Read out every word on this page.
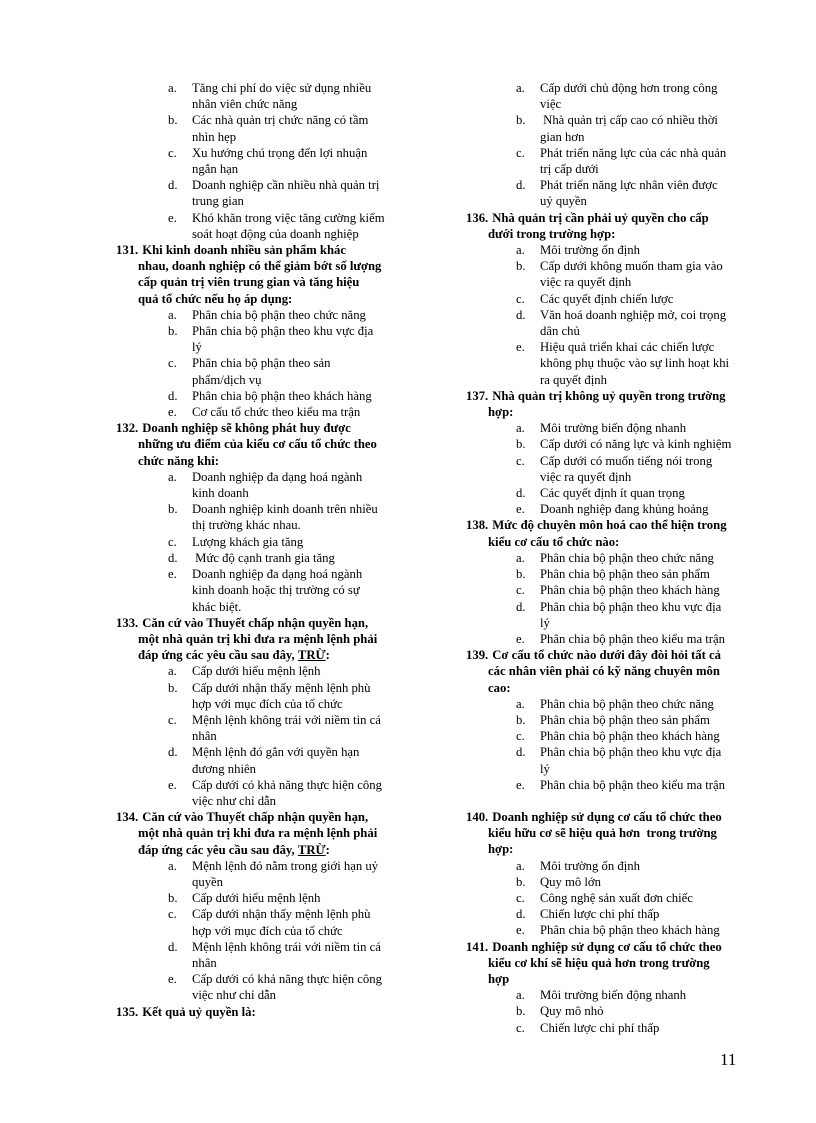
a.	Tăng chi phí do việc sử dụng nhiều
nhân viên chức năng
b.	Các nhà quản trị chức năng có tầm
nhìn hẹp
c.	Xu hướng chú trọng đến lợi nhuận
ngắn hạn
d.	Doanh nghiệp cần nhiều nhà quản trị
trung gian
e.	Khó khăn trong việc tăng cường kiểm
soát hoạt động của doanh nghiệp
131. Khi kinh doanh nhiều sản phẩm khác
nhau, doanh nghiệp có thể giảm bớt số lượng
cấp quản trị viên trung gian và tăng hiệu
quả tổ chức nếu họ áp dụng:
a.	Phân chia bộ phận theo chức năng
b.	Phân chia bộ phận theo khu vực địa
lý
c.	Phân chia bộ phận theo sản
phẩm/dịch vụ
d.	Phân chia bộ phận theo khách hàng
e.	Cơ cấu tổ chức theo kiểu ma trận
132. Doanh nghiệp sẽ không phát huy được
những ưu điểm của kiểu cơ cấu tổ chức theo
chức năng khi:
a.	Doanh nghiệp đa dạng hoá ngành
kinh doanh
b.	Doanh nghiệp kinh doanh trên nhiều
thị trường khác nhau.
c.	Lượng khách gia tăng
d.	Mức độ cạnh tranh gia tăng
e.	Doanh nghiệp đa dạng hoá ngành
kinh doanh hoặc thị trường có sự
khác biệt.
133. Căn cứ vào Thuyết chấp nhận quyền hạn,
một nhà quản trị khi đưa ra mệnh lệnh phải
đáp ứng các yêu cầu sau đây, TRỪ :
a.	Cấp dưới hiểu mệnh lệnh
b.	Cấp dưới nhận thấy mệnh lệnh phù
hợp với mục đích của tổ chức
c.	Mệnh lệnh không trái với niềm tin cá
nhân
d.	Mệnh lệnh đó gắn với quyền hạn
đương nhiên
e.	Cấp dưới có khả năng thực hiện công
việc như chỉ dẫn
134. Căn cứ vào Thuyết chấp nhận quyền hạn,
một nhà quản trị khi đưa ra mệnh lệnh phải
đáp ứng các yêu cầu sau đây, TRỪ :
a.	Mệnh lệnh đó nằm trong giới hạn uỷ
quyền
b.	Cấp dưới hiểu mệnh lệnh
c.	Cấp dưới nhận thấy mệnh lệnh phù
hợp với mục đích của tổ chức
d.	Mệnh lệnh không trái với niềm tin cá
nhân
e.	Cấp dưới có khả năng thực hiện công
việc như chỉ dẫn
135. Kết quả uỷ quyền là:
a.	Cấp dưới chủ động hơn trong công
việc
b.	Nhà quản trị cấp cao có nhiều thời
gian hơn
c.	Phát triển năng lực của các nhà quản
trị cấp dưới
d.	Phát triển năng lực nhân viên được
uỷ quyền
136. Nhà quản trị cần phải uỷ quyền cho cấp
dưới trong trường hợp:
a.	Môi trường ổn định
b.	Cấp dưới không muốn tham gia vào
việc ra quyết định
c.	Các quyết định chiến lược
d.	Văn hoá doanh nghiệp mở, coi trọng
dân chủ
e.	Hiệu quả triển khai các chiến lược
không phụ thuộc vào sự linh hoạt khi
ra quyết định
137. Nhà quản trị không uỷ quyền trong trường
hợp:
a.	Môi trường biến động nhanh
b.	Cấp dưới có năng lực và kinh nghiệm
c.	Cấp dưới có muốn tiếng nói trong
việc ra quyết định
d.	Các quyết định ít quan trọng
e.	Doanh nghiệp đang khủng hoảng
138. Mức độ chuyên môn hoá cao thể hiện trong
kiểu cơ cấu tổ chức nào:
a.	Phân chia bộ phận theo chức năng
b.	Phân chia bộ phận theo sản phẩm
c.	Phân chia bộ phận theo khách hàng
d.	Phân chia bộ phận theo khu vực địa
lý
e.	Phân chia bộ phận theo kiểu ma trận
139. Cơ cấu tổ chức nào dưới đây đòi hỏi tất cả
các nhân viên phải có kỹ năng chuyên môn
cao:
a.	Phân chia bộ phận theo chức năng
b.	Phân chia bộ phận theo sản phẩm
c.	Phân chia bộ phận theo khách hàng
d.	Phân chia bộ phận theo khu vực địa
lý
e.	Phân chia bộ phận theo kiểu ma trận
140. Doanh nghiệp sử dụng cơ cấu tổ chức theo
kiểu hữu cơ sẽ hiệu quả hơn  trong trường
hợp:
a.	Môi trường ổn định
b.	Quy mô lớn
c.	Công nghệ sản xuất đơn chiếc
d.	Chiến lược chi phí thấp
e.	Phân chia bộ phận theo khách hàng
141. Doanh nghiệp sử dụng cơ cấu tổ chức theo
kiểu cơ khí sẽ hiệu quả hơn trong trường
hợp
a.	Môi trường biến động nhanh
b.	Quy mô nhỏ
c.	Chiến lược chi phí thấp
11
